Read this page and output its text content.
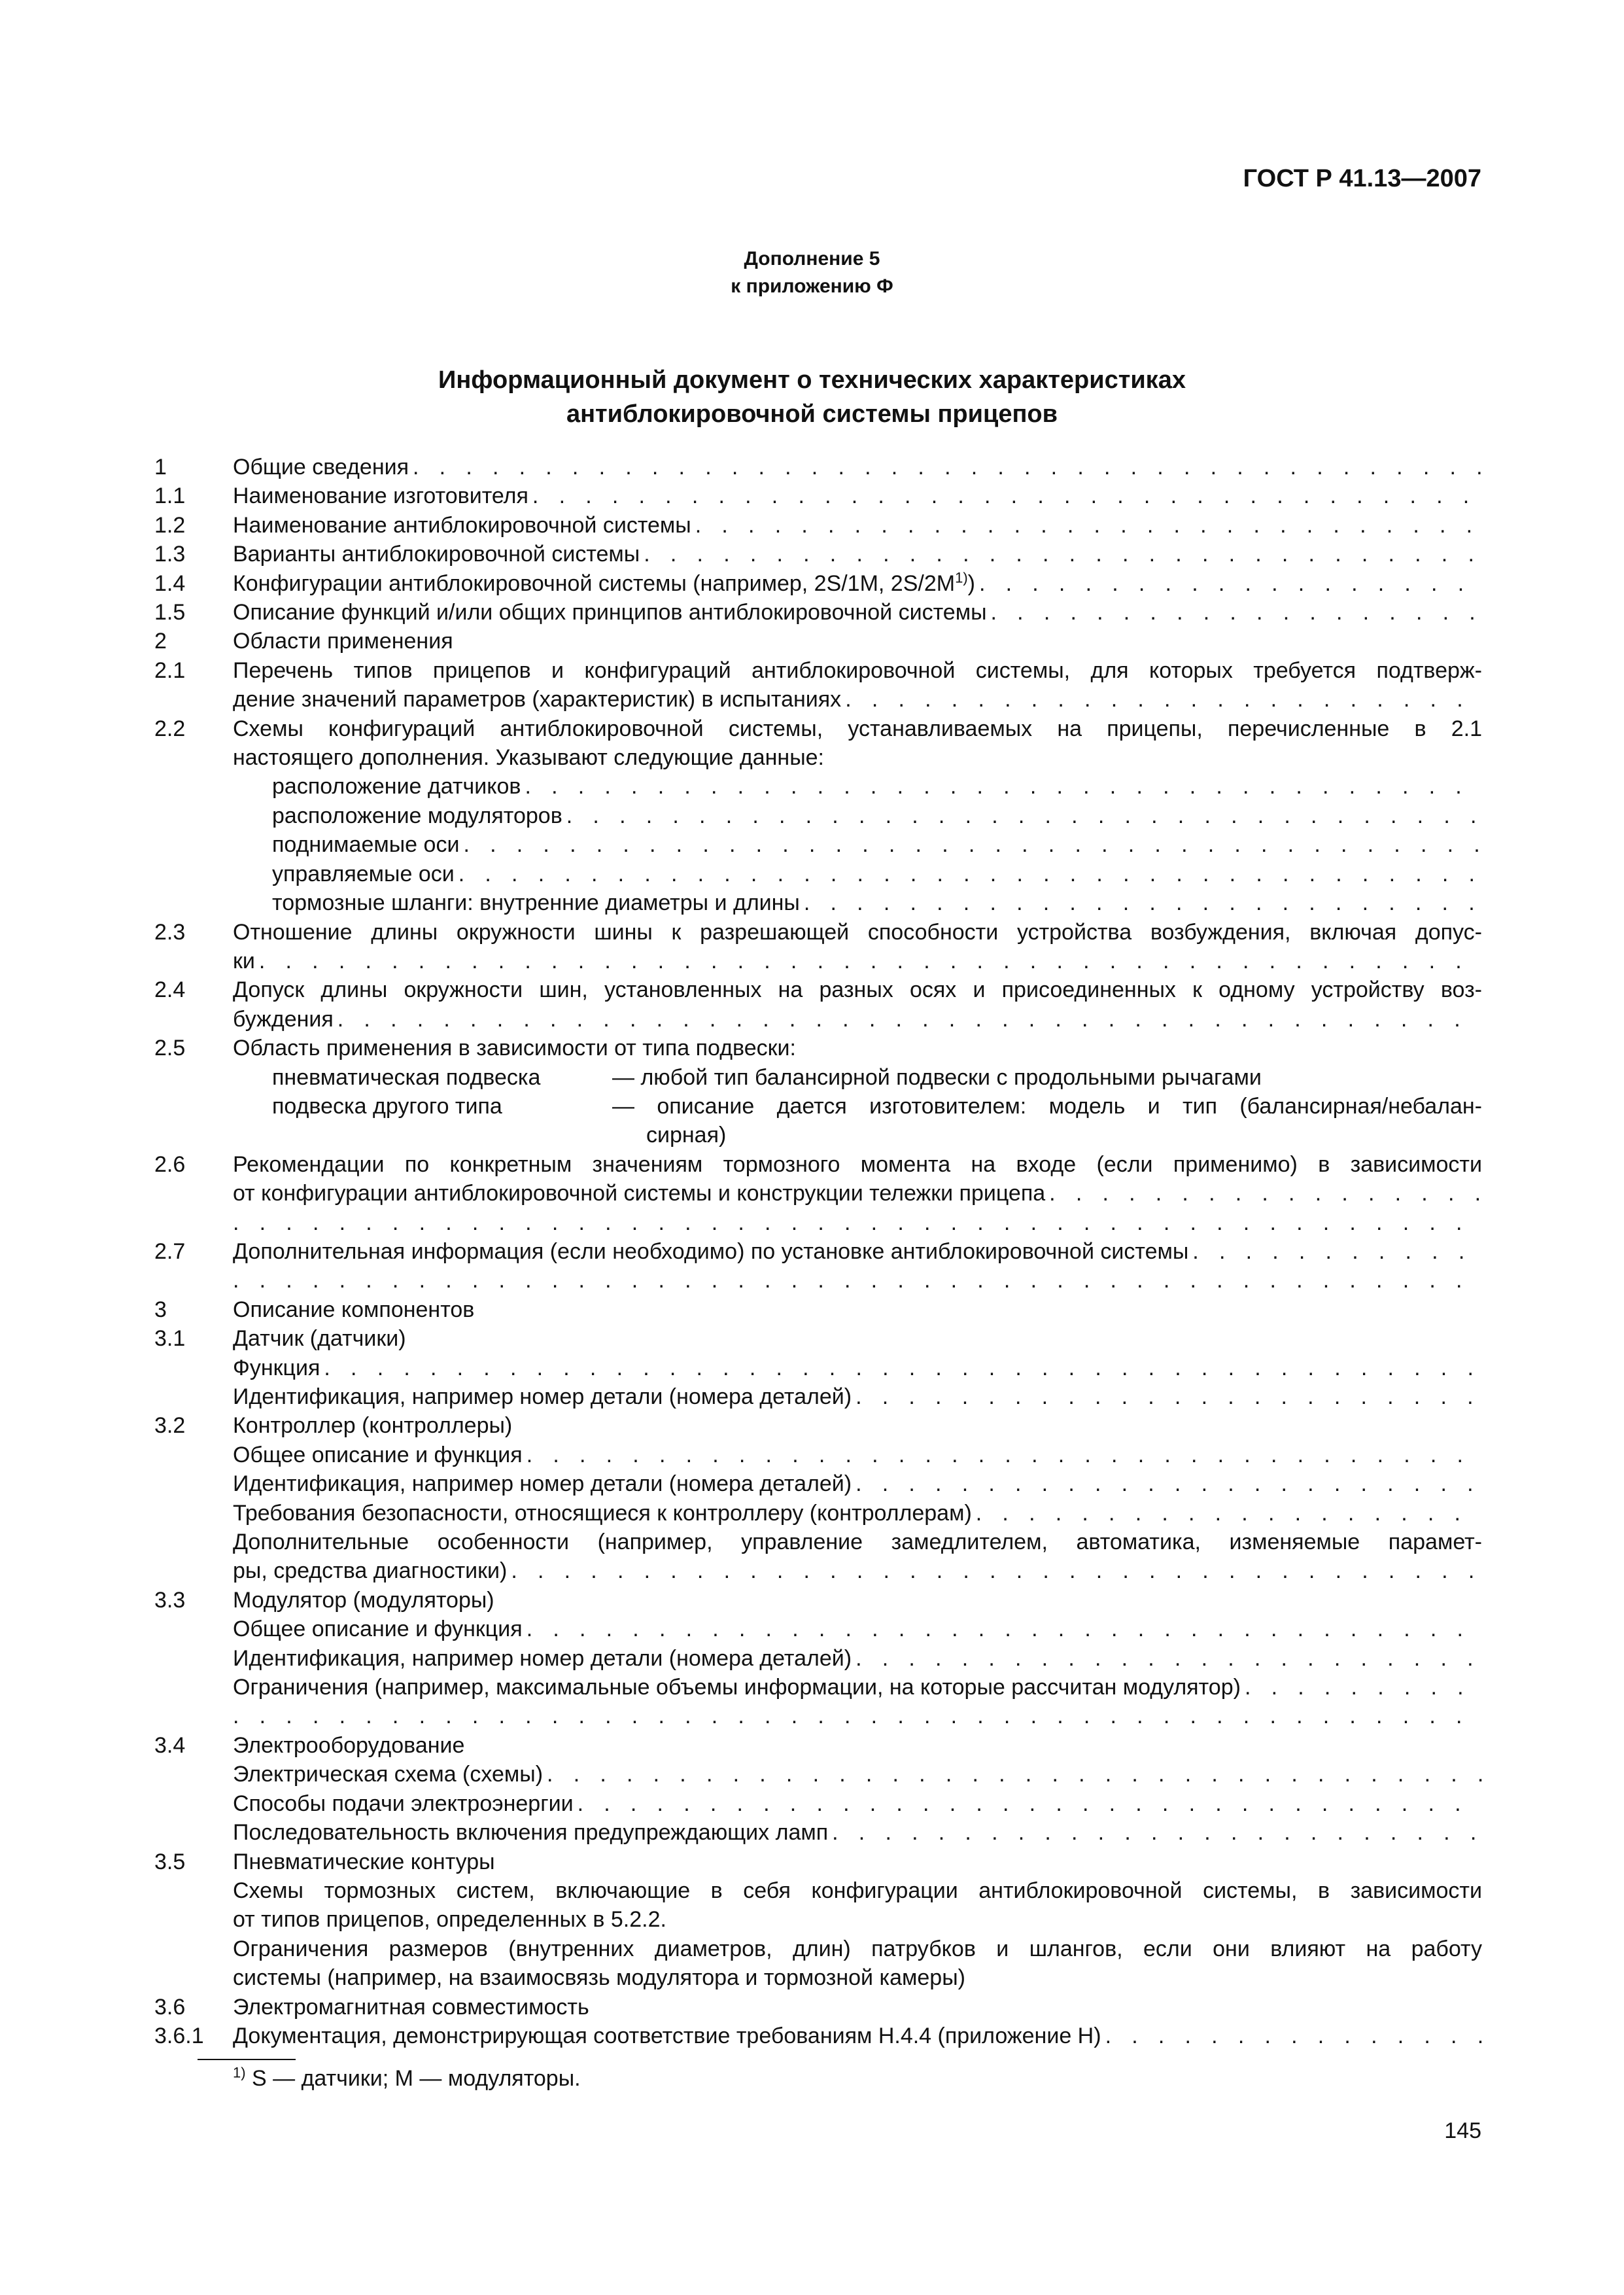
ГОСТ Р 41.13—2007
Дополнение 5
к приложению Ф
Информационный документ о технических характеристиках
антиблокировочной системы прицепов
1	Общие сведения
. . .
1.1	Наименование изготовителя
. . .
1.2	Наименование антиблокировочной системы
. . .
1.3	Варианты антиблокировочной системы
. . .
1.4	Конфигурации антиблокировочной системы (например, 2S/1M, $2S/2M^{1)}$)
. . .
1.5	Описание функций и/или общих принципов антиблокировочной системы
. . .
2	Области применения
2.1	Перечень типов прицепов и конфигураций антиблокировочной системы, для которых требуется подтверж-
дение значений параметров (характеристик) в испытаниях
. . .
2.2	Схемы конфигураций антиблокировочной системы, устанавливаемых на прицепы, перечисленные в 2.1
настоящего дополнения. Указывают следующие данные:
расположение датчиков
. . .
расположение модуляторов
. . .
поднимаемые оси
. . .
управляемые оси
. . .
тормозные шланги: внутренние диаметры и длины
. . .
2.3	Отношение длины окружности шины к разрешающей способности устройства возбуждения, включая допус-
ки
. . .
2.4	Допуск длины окружности шин, установленных на разных осях и присоединенных к одному устройству воз-
буждения
. . .
2.5	Область применения в зависимости от типа подвески:
пневматическая подвеска	— любой тип балансирной подвески с продольными рычагами
подвеска другого типа	— описание дается изготовителем: модель и тип (балансирная/небалан-
сирная)
2.6	Рекомендации по конкретным значениям тормозного момента на входе (если применимо) в зависимости
от конфигурации антиблокировочной системы и конструкции тележки прицепа
. . .
. . .
2.7	Дополнительная информация (если необходимо) по установке антиблокировочной системы
. . .
. . .
3	Описание компонентов
3.1	Датчик (датчики)
Функция
. . .
Идентификация, например номер детали (номера деталей)
. . .
3.2	Контроллер (контроллеры)
Общее описание и функция
. . .
Идентификация, например номер детали (номера деталей)
. . .
Требования безопасности, относящиеся к контроллеру (контроллерам)
. . .
Дополнительные особенности (например, управление замедлителем, автоматика, изменяемые парамет-
ры, средства диагностики)
. . .
3.3	Модулятор (модуляторы)
Общее описание и функция
. . .
Идентификация, например номер детали (номера деталей)
. . .
Ограничения (например, максимальные объемы информации, на которые рассчитан модулятор)
. . .
. . .
3.4	Электрооборудование
Электрическая схема (схемы)
. . .
Способы подачи электроэнергии
. . .
Последовательность включения предупреждающих ламп
. . .
3.5	Пневматические контуры
Схемы тормозных систем, включающие в себя конфигурации антиблокировочной системы, в зависимости
от типов прицепов, определенных в 5.2.2.
Ограничения размеров (внутренних диаметров, длин) патрубков и шлангов, если они влияют на работу
системы (например, на взаимосвязь модулятора и тормозной камеры)
3.6	Электромагнитная совместимость
3.6.1	Документация, демонстрирующая соответствие требованиям Н.4.4 (приложение Н)
. . .
$^{1)}$ S — датчики; M — модуляторы.
145
